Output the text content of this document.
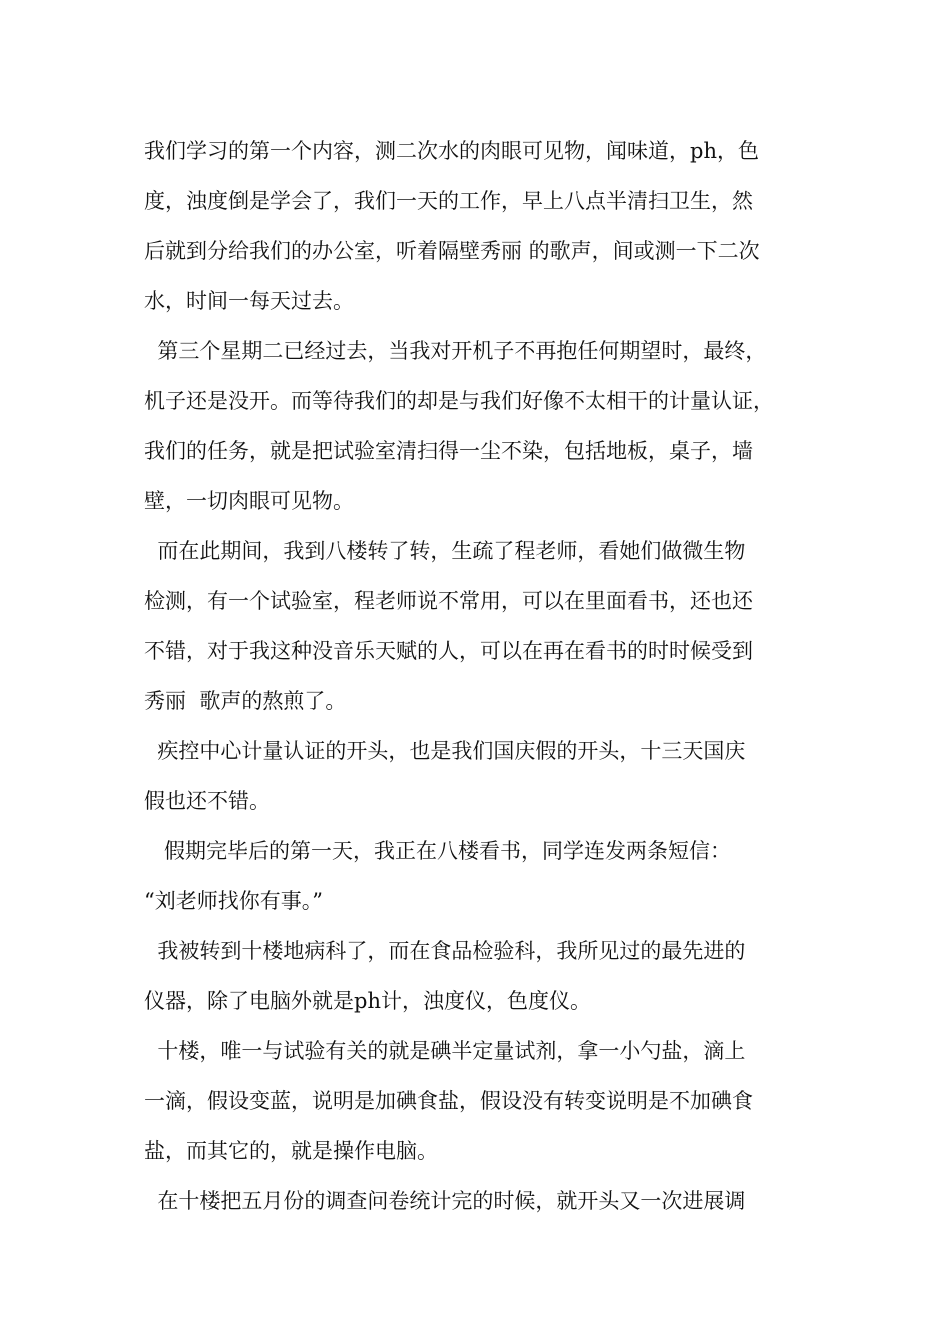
我们学习的第一个内容，测二次水的肉眼可见物，闻味道，ph，色
度，浊度倒是学会了，我们一天的工作，早上八点半清扫卫生，然
后就到分给我们的办公室，听着隔壁秀丽 的歌声，间或测一下二次
水，时间一每天过去。
第三个星期二已经过去，当我对开机子不再抱任何期望时，最终，
机子还是没开。而等待我们的却是与我们好像不太相干的计量认证，
我们的任务，就是把试验室清扫得一尘不染，包括地板，桌子，墙
壁，一切肉眼可见物。
而在此期间，我到八楼转了转，生疏了程老师，看她们做微生物
检测，有一个试验室，程老师说不常用，可以在里面看书，还也还
不错，对于我这种没音乐天赋的人，可以在再在看书的时时候受到
秀丽  歌声的熬煎了。
疾控中心计量认证的开头，也是我们国庆假的开头，十三天国庆
假也还不错。
假期完毕后的第一天，我正在八楼看书，同学连发两条短信：
“刘老师找你有事。”
我被转到十楼地病科了，而在食品检验科，我所见过的最先进的
仪器，除了电脑外就是ph计，浊度仪，色度仪。
十楼，唯一与试验有关的就是碘半定量试剂，拿一小勺盐，滴上
一滴，假设变蓝，说明是加碘食盐，假设没有转变说明是不加碘食
盐，而其它的，就是操作电脑。
在十楼把五月份的调查问卷统计完的时候，就开头又一次进展调
